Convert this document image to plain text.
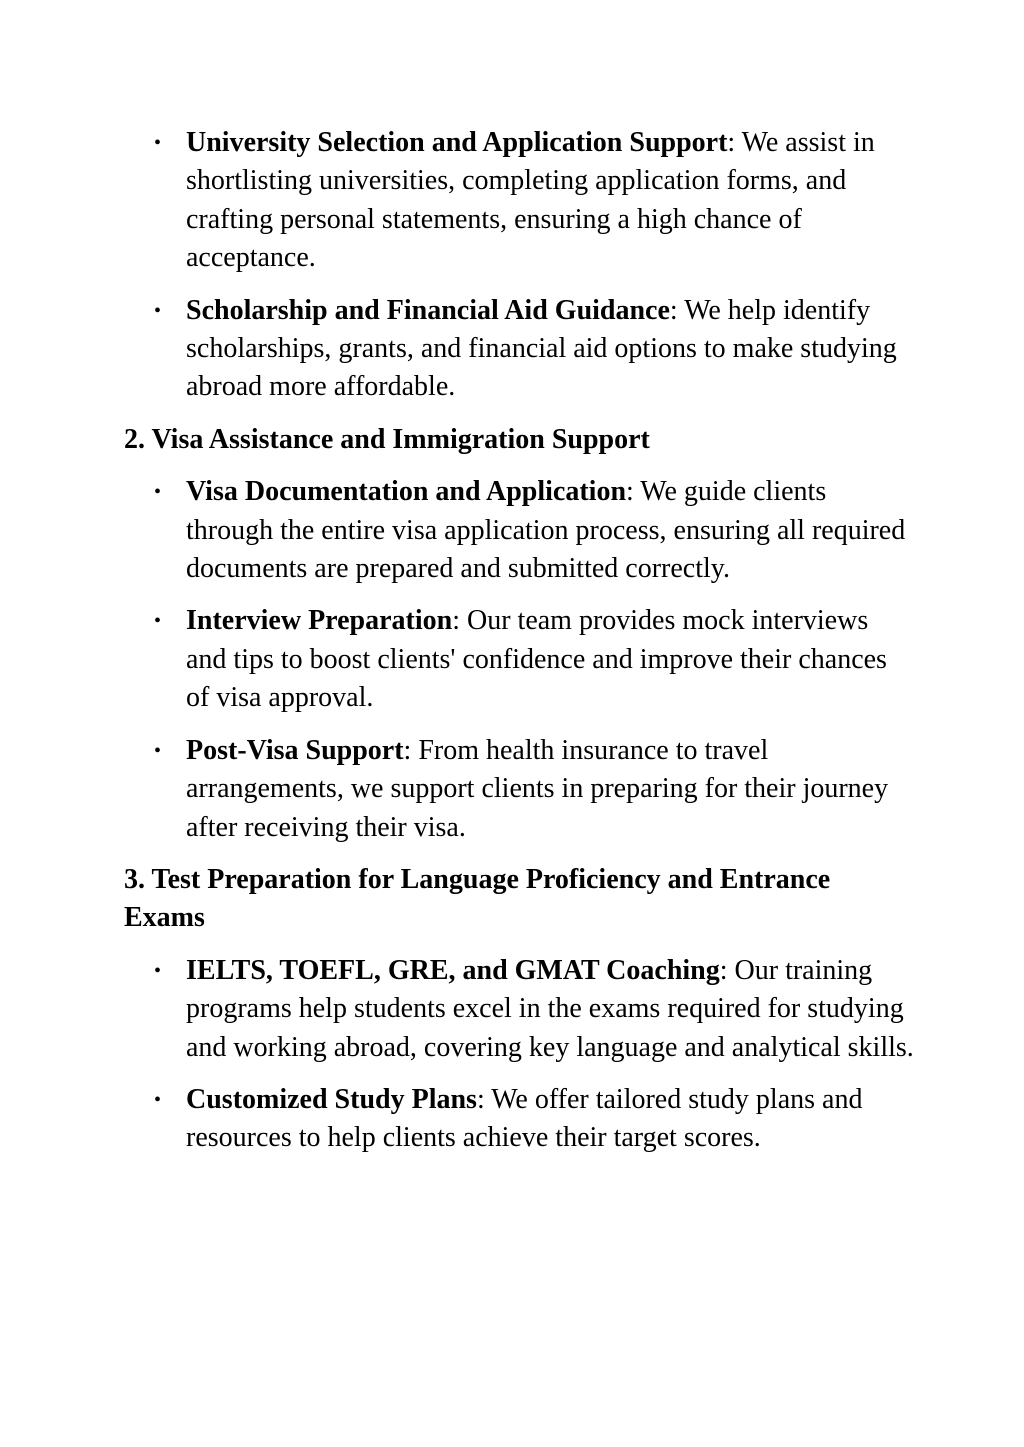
• University Selection and Application Support: We assist in shortlisting universities, completing application forms, and crafting personal statements, ensuring a high chance of acceptance.
• Scholarship and Financial Aid Guidance: We help identify scholarships, grants, and financial aid options to make studying abroad more affordable.
2. Visa Assistance and Immigration Support
• Visa Documentation and Application: We guide clients through the entire visa application process, ensuring all required documents are prepared and submitted correctly.
• Interview Preparation: Our team provides mock interviews and tips to boost clients' confidence and improve their chances of visa approval.
• Post-Visa Support: From health insurance to travel arrangements, we support clients in preparing for their journey after receiving their visa.
3. Test Preparation for Language Proficiency and Entrance Exams
• IELTS, TOEFL, GRE, and GMAT Coaching: Our training programs help students excel in the exams required for studying and working abroad, covering key language and analytical skills.
• Customized Study Plans: We offer tailored study plans and resources to help clients achieve their target scores.
